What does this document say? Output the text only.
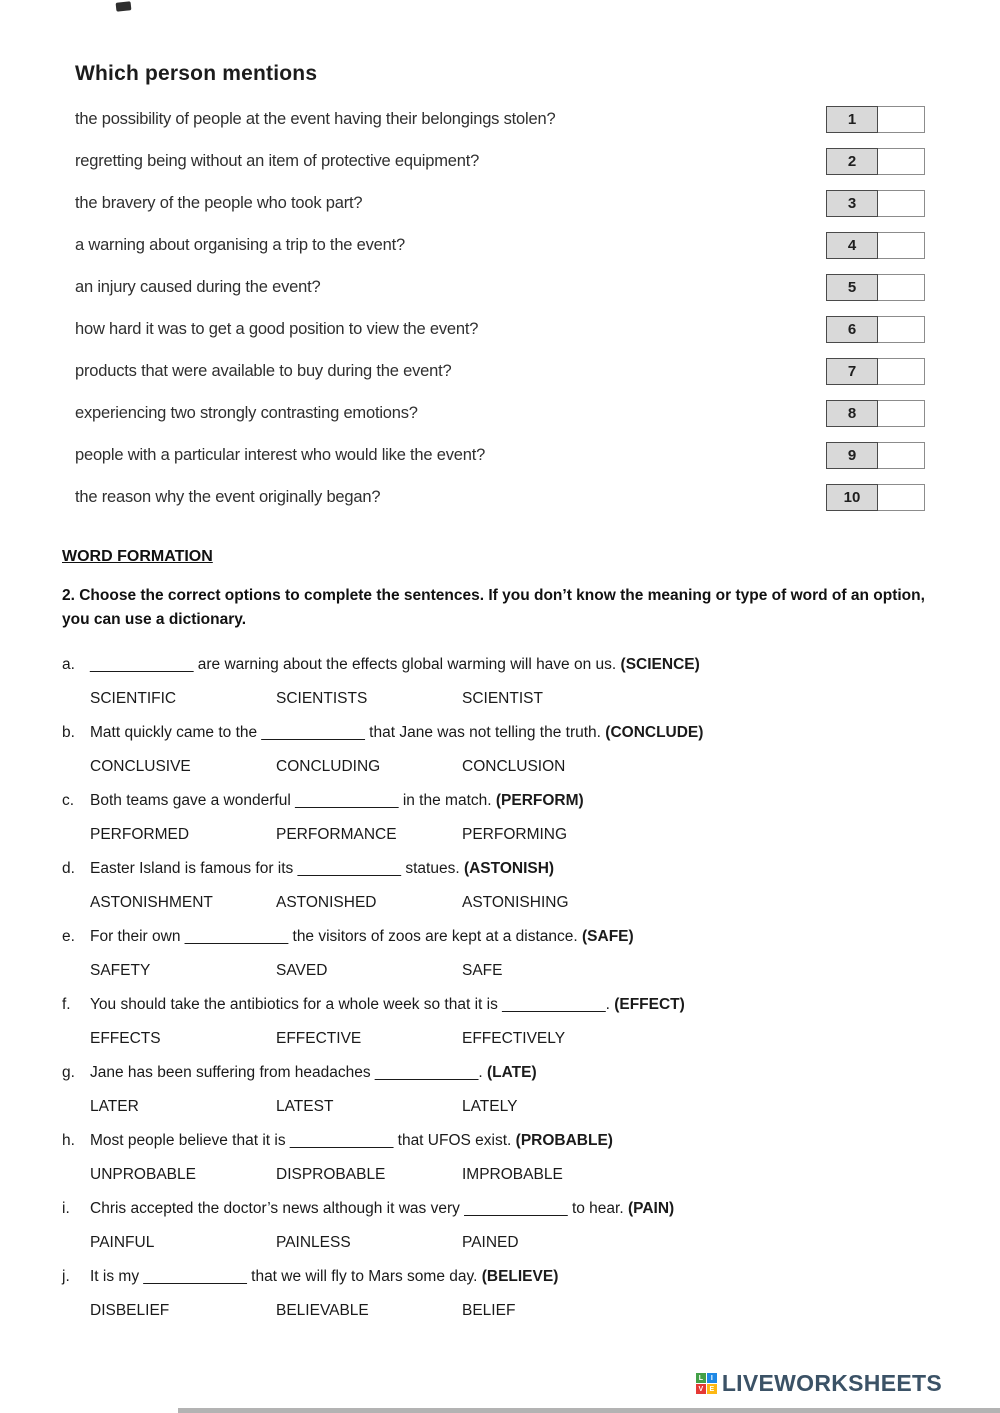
Which person mentions
the possibility of people at the event having their belongings stolen?	1
regretting being without an item of protective equipment?	2
the bravery of the people who took part?	3
a warning about organising a trip to the event?	4
an injury caused during the event?	5
how hard it was to get a good position to view the event?	6
products that were available to buy during the event?	7
experiencing two strongly contrasting emotions?	8
people with a particular interest who would like the event?	9
the reason why the event originally began?	10
WORD FORMATION

2. Choose the correct options to complete the sentences. If you don’t know the meaning or type of word of an option, you can use a dictionary.

a. ____________ are warning about the effects global warming will have on us. (SCIENCE)
SCIENTIFIC	SCIENTISTS	SCIENTIST
b. Matt quickly came to the ____________ that Jane was not telling the truth. (CONCLUDE)
CONCLUSIVE	CONCLUDING	CONCLUSION
c.	Both teams gave a wonderful ____________ in the match. (PERFORM)
PERFORMED	PERFORMANCE	PERFORMING
d. Easter Island is famous for its ____________ statues. (ASTONISH)
ASTONISHMENT	ASTONISHED	ASTONISHING
e. For their own ____________ the visitors of zoos are kept at a distance. (SAFE)
SAFETY	SAVED	SAFE
f.	You should take the antibiotics for a whole week so that it is ____________. (EFFECT)
EFFECTS	EFFECTIVE	EFFECTIVELY
g. Jane has been suffering from headaches ____________. (LATE)
LATER	LATEST	LATELY
h. Most people believe that it is ____________ that UFOS exist. (PROBABLE)
UNPROBABLE	DISPROBABLE	IMPROBABLE
i.	Chris accepted the doctor’s news although it was very ____________ to hear. (PAIN)
PAINFUL	PAINLESS	PAINED
j.	It is my ____________ that we will fly to Mars some day. (BELIEVE)
DISBELIEF	BELIEVABLE	BELIEF
L	I
V E LIVEWORKSHEETS
